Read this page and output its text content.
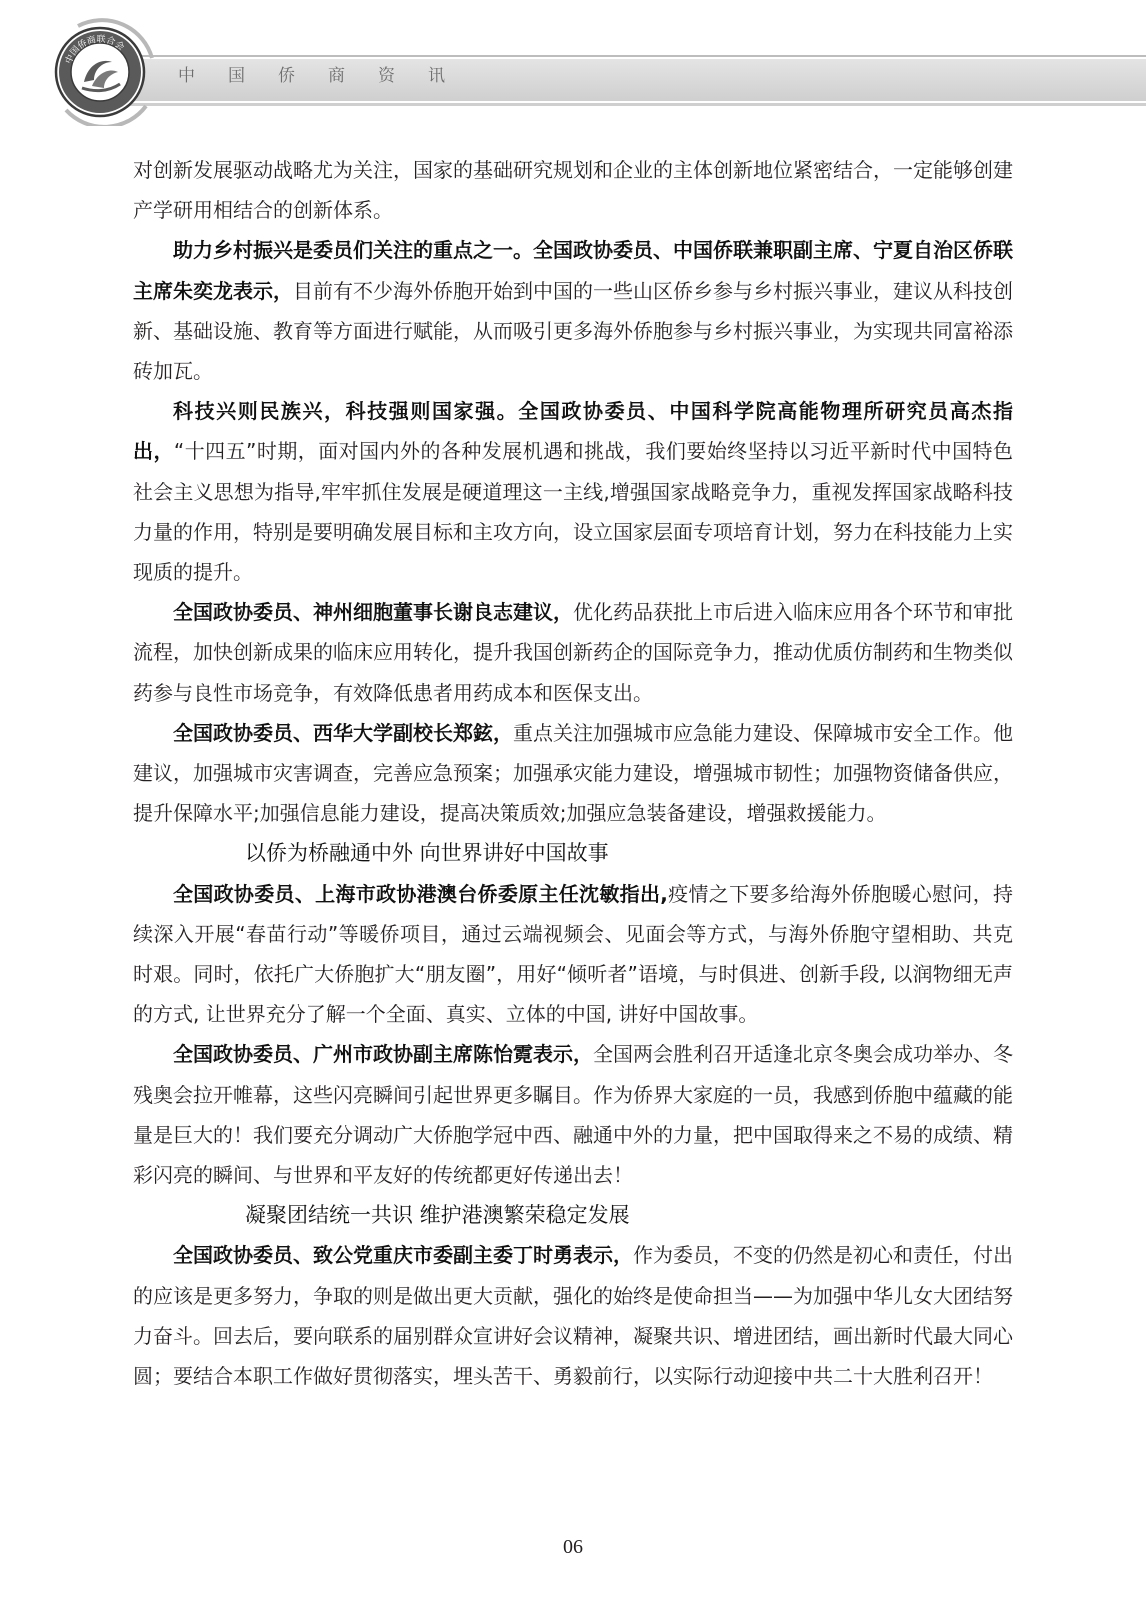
中国侨商资讯
中国侨商联合会

对创新发展驱动战略尤为关注，国家的基础研究规划和企业的主体创新地位紧密结合，一定能够创建产学研用相结合的创新体系。

助力乡村振兴是委员们关注的重点之一。全国政协委员、中国侨联兼职副主席、宁夏自治区侨联主席朱奕龙表示，目前有不少海外侨胞开始到中国的一些山区侨乡参与乡村振兴事业，建议从科技创新、基础设施、教育等方面进行赋能，从而吸引更多海外侨胞参与乡村振兴事业，为实现共同富裕添砖加瓦。

科技兴则民族兴，科技强则国家强。全国政协委员、中国科学院高能物理所研究员高杰指出，“十四五”时期，面对国内外的各种发展机遇和挑战，我们要始终坚持以习近平新时代中国特色社会主义思想为指导,牢牢抓住发展是硬道理这一主线,增强国家战略竞争力，重视发挥国家战略科技力量的作用，特别是要明确发展目标和主攻方向，设立国家层面专项培育计划，努力在科技能力上实现质的提升。

全国政协委员、神州细胞董事长谢良志建议，优化药品获批上市后进入临床应用各个环节和审批流程，加快创新成果的临床应用转化，提升我国创新药企的国际竞争力，推动优质仿制药和生物类似药参与良性市场竞争，有效降低患者用药成本和医保支出。

全国政协委员、西华大学副校长郑鉉，重点关注加强城市应急能力建设、保障城市安全工作。他建议，加强城市灾害调查，完善应急预案；加强承灾能力建设，增强城市韧性；加强物资储备供应，提升保障水平;加强信息能力建设，提高决策质效;加强应急装备建设，增强救援能力。

以侨为桥融通中外 向世界讲好中国故事

全国政协委员、上海市政协港澳台侨委原主任沈敏指出,疫情之下要多给海外侨胞暖心慰问，持续深入开展“春苗行动”等暖侨项目，通过云端视频会、见面会等方式，与海外侨胞守望相助、共克时艰。同时，依托广大侨胞扩大“朋友圈”，用好“倾听者”语境，与时俱进、创新手段, 以润物细无声的方式, 让世界充分了解一个全面、真实、立体的中国, 讲好中国故事。

全国政协委员、广州市政协副主席陈怡霓表示，全国两会胜利召开适逢北京冬奥会成功举办、冬残奥会拉开帷幕，这些闪亮瞬间引起世界更多瞩目。作为侨界大家庭的一员，我感到侨胞中蕴藏的能量是巨大的！我们要充分调动广大侨胞学冠中西、融通中外的力量，把中国取得来之不易的成绩、精彩闪亮的瞬间、与世界和平友好的传统都更好传递出去！

凝聚团结统一共识 维护港澳繁荣稳定发展

全国政协委员、致公党重庆市委副主委丁时勇表示，作为委员，不变的仍然是初心和责任，付出的应该是更多努力，争取的则是做出更大贡献，强化的始终是使命担当——为加强中华儿女大团结努力奋斗。回去后，要向联系的届别群众宣讲好会议精神，凝聚共识、增进团结，画出新时代最大同心圆；要结合本职工作做好贯彻落实，埋头苦干、勇毅前行，以实际行动迎接中共二十大胜利召开！

06
